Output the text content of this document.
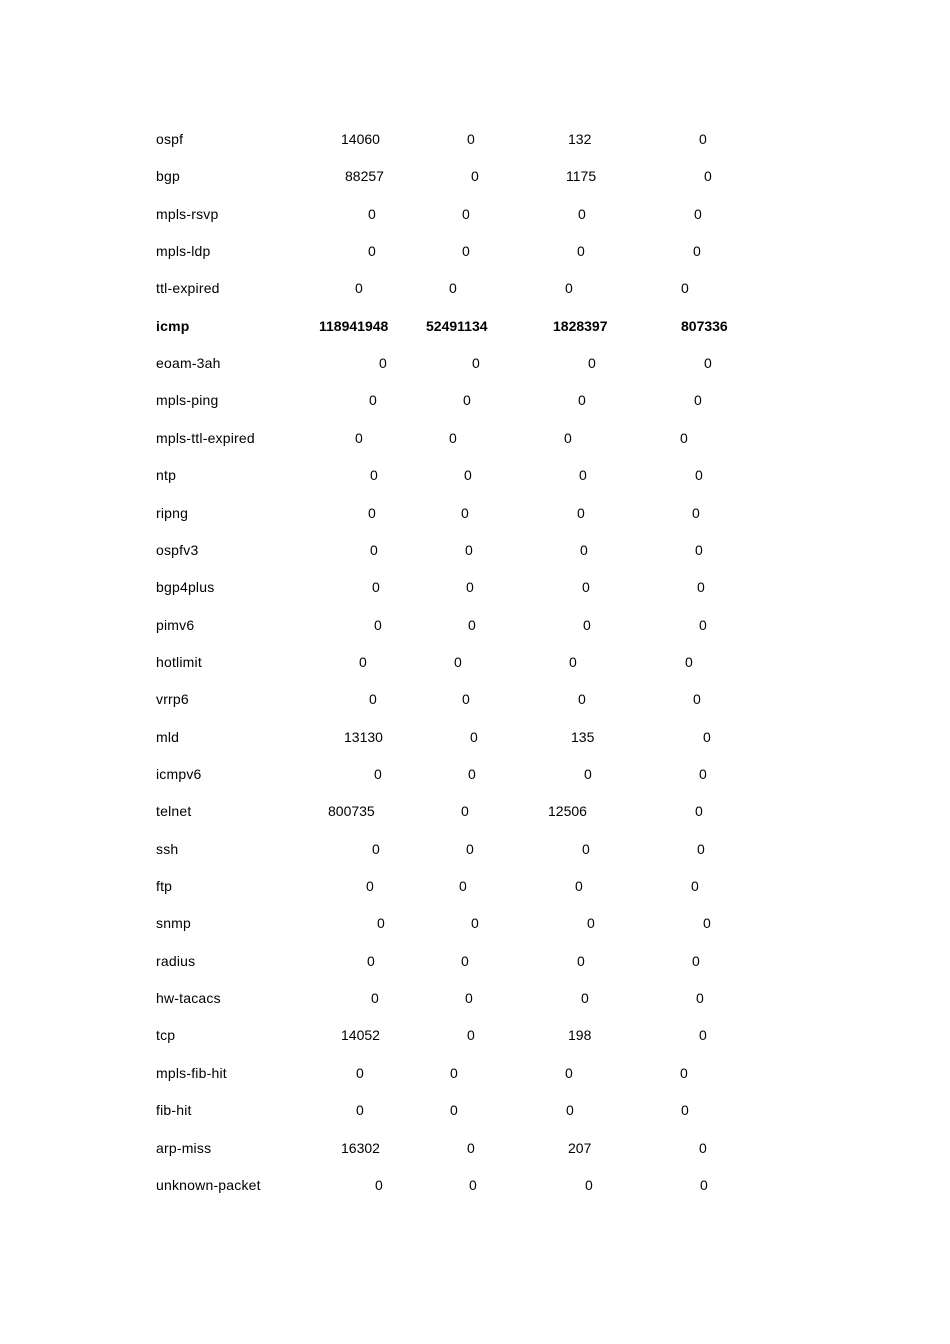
ospf	14060	0	132	0
bgp	88257	0	1175	0
mpls-rsvp	0	0	0	0
mpls-ldp	0	0	0	0
ttl-expired	0	0	0	0
icmp	118941948	52491134	1828397	807336
eoam-3ah	0	0	0	0
mpls-ping	0	0	0	0
mpls-ttl-expired	0	0	0	0
ntp	0	0	0	0
ripng	0	0	0	0
ospfv3	0	0	0	0
bgp4plus	0	0	0	0
pimv6	0	0	0	0
hotlimit	0	0	0	0
vrrp6	0	0	0	0
mld	13130	0	135	0
icmpv6	0	0	0	0
telnet	800735	0	12506	0
ssh	0	0	0	0
ftp	0	0	0	0
snmp	0	0	0	0
radius	0	0	0	0
hw-tacacs	0	0	0	0
tcp	14052	0	198	0
mpls-fib-hit	0	0	0	0
fib-hit	0	0	0	0
arp-miss	16302	0	207	0
unknown-packet	0	0	0	0
